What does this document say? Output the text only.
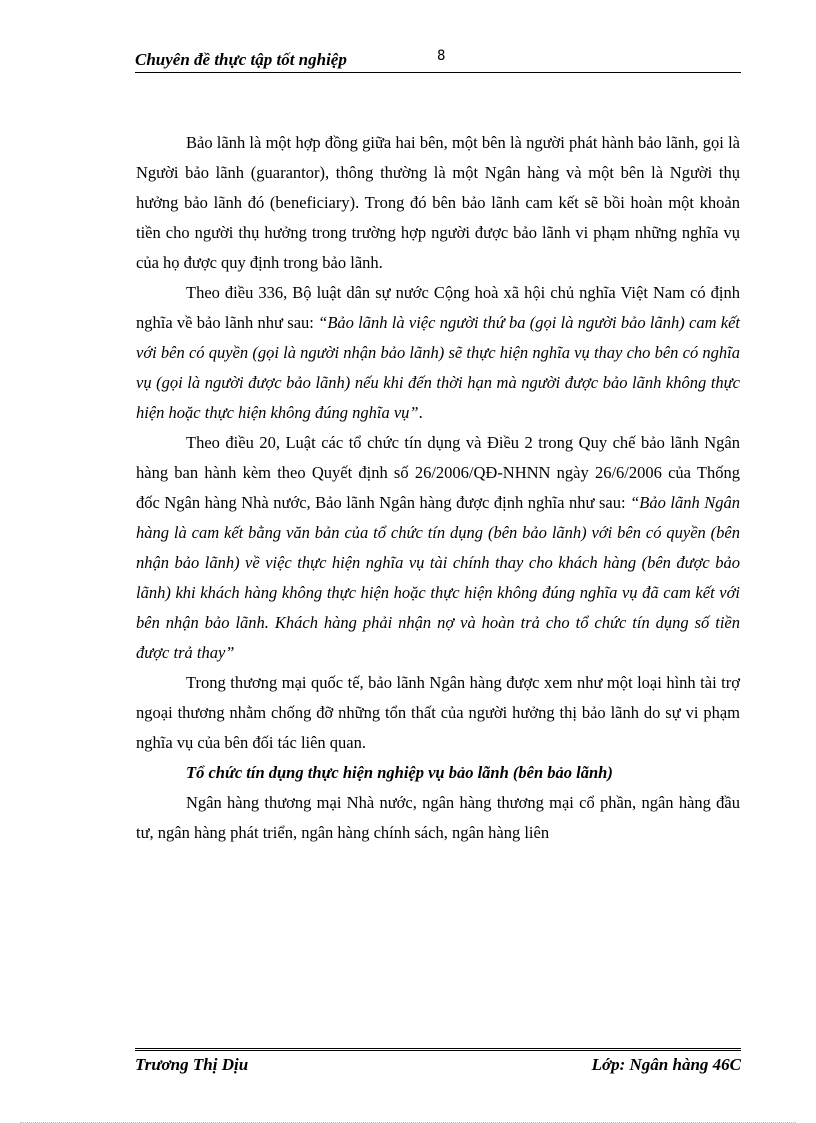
Chuyên đề thực tập tốt nghiệp	8

Bảo lãnh là một hợp đồng giữa hai bên, một bên là người phát hành bảo lãnh, gọi là Người bảo lãnh (guarantor), thông thường là một Ngân hàng và một bên là Người thụ hưởng bảo lãnh đó (beneficiary). Trong đó bên bảo lãnh cam kết sẽ bồi hoàn một khoản tiền cho người thụ hưởng trong trường hợp người được bảo lãnh vi phạm những nghĩa vụ của họ được quy định trong bảo lãnh.

Theo điều 336, Bộ luật dân sự nước Cộng hoà xã hội chủ nghĩa Việt Nam có định nghĩa về bảo lãnh như sau: “Bảo lãnh là việc người thứ ba (gọi là người bảo lãnh) cam kết với bên có quyền (gọi là người nhận bảo lãnh) sẽ thực hiện nghĩa vụ thay cho bên có nghĩa vụ (gọi là người được bảo lãnh) nếu khi đến thời hạn mà người được bảo lãnh không thực hiện hoặc thực hiện không đúng nghĩa vụ”.

Theo điều 20, Luật các tổ chức tín dụng và Điều 2 trong Quy chế bảo lãnh Ngân hàng ban hành kèm theo Quyết định số 26/2006/QĐ-NHNN ngày 26/6/2006 của Thống đốc Ngân hàng Nhà nước, Bảo lãnh Ngân hàng được định nghĩa như sau: “Bảo lãnh Ngân hàng là cam kết bằng văn bản của tổ chức tín dụng (bên bảo lãnh) với bên có quyền (bên nhận bảo lãnh) về việc thực hiện nghĩa vụ tài chính thay cho khách hàng (bên được bảo lãnh) khi khách hàng không thực hiện hoặc thực hiện không đúng nghĩa vụ đã cam kết với bên nhận bảo lãnh. Khách hàng phải nhận nợ và hoàn trả cho tổ chức tín dụng số tiền được trả thay”

Trong thương mại quốc tế, bảo lãnh Ngân hàng được xem như một loại hình tài trợ ngoại thương nhằm chống đỡ những tổn thất của người hưởng thị bảo lãnh do sự vi phạm nghĩa vụ của bên đối tác liên quan.

Tổ chức tín dụng thực hiện nghiệp vụ bảo lãnh (bên bảo lãnh)

Ngân hàng thương mại Nhà nước, ngân hàng thương mại cổ phần, ngân hàng đầu tư, ngân hàng phát triển, ngân hàng chính sách, ngân hàng liên

Trương Thị Dịu	Lớp: Ngân hàng 46C
